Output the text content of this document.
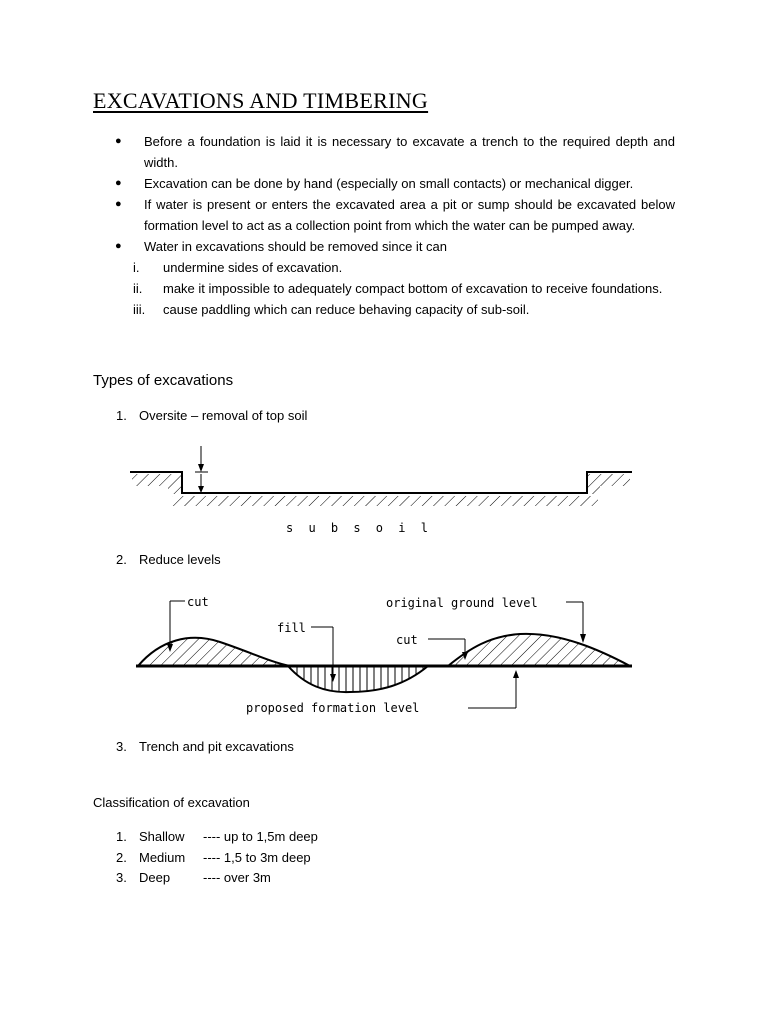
EXCAVATIONS AND TIMBERING
●	Before a foundation is laid it is necessary to excavate a trench to the required depth and width.
●	Excavation can be done by hand (especially on small contacts) or mechanical digger.
●	If water is present or enters the excavated area a pit or sump should be excavated below formation level to act as a collection point from which the water can be pumped away.
●	Water in excavations should be removed since it can
i.	undermine sides of excavation.
ii.	make it impossible to adequately compact bottom of excavation to receive foundations.
iii.	cause paddling which can reduce behaving capacity of sub-soil.
Types of excavations
1. Oversite – removal of top soil
s u b s o i l
2. Reduce levels
cut
fill
cut
original ground level
proposed formation level
3. Trench and pit excavations
Classification of excavation
1. Shallow	---- up to 1,5m deep
2. Medium	---- 1,5 to 3m deep
3. Deep	---- over 3m
